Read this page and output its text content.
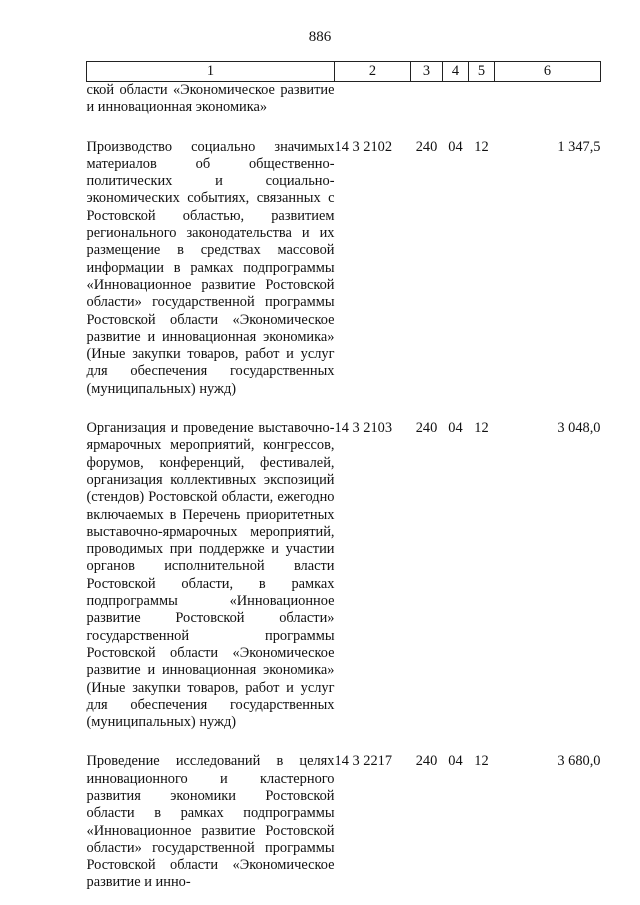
886
1	2	3	4	5	6
ской области «Экономическое развитие и инновационная экономика»					
Производство социально значимых материалов об общественно-политических и социально-экономических событиях, связанных с Ростовской областью, развитием регионального законодательства и их размещение в средствах массовой информации в рамках подпрограммы «Инновационное развитие Ростовской области» государственной программы Ростовской области «Экономическое развитие и инновационная экономика» (Иные закупки товаров, работ и услуг для обеспечения государственных (муниципальных) нужд)	14 3 2102	240	04	12	1 347,5
Организация и проведение выставочно-ярмарочных мероприятий, конгрессов, форумов, конференций, фестивалей, организация коллективных экспозиций (стендов) Ростовской области, ежегодно включаемых в Перечень приоритетных выставочно-ярмарочных мероприятий, проводимых при поддержке и участии органов исполнительной власти Ростовской области, в рамках подпрограммы «Инновационное развитие Ростовской области» государственной программы Ростовской области «Экономическое развитие и инновационная экономика» (Иные закупки товаров, работ и услуг для обеспечения государственных (муниципальных) нужд)	14 3 2103	240	04	12	3 048,0
Проведение исследований в целях инновационного и кластерного развития экономики Ростовской области в рамках подпрограммы «Инновационное развитие Ростовской области» государственной программы Ростовской области «Экономическое развитие и инно-	14 3 2217	240	04	12	3 680,0
